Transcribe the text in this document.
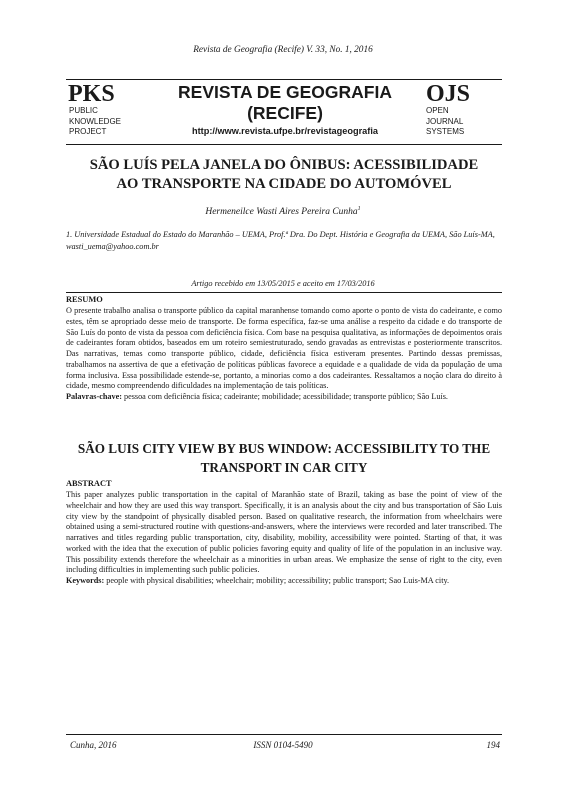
Revista de Geografia (Recife) V. 33, No. 1, 2016
PKS
PUBLIC
KNOWLEDGE
PROJECT
REVISTA DE GEOGRAFIA
(RECIFE)
http://www.revista.ufpe.br/revistageografia
OJS
OPEN
JOURNAL
SYSTEMS
SÃO LUÍS PELA JANELA DO ÔNIBUS: ACESSIBILIDADE
AO TRANSPORTE NA CIDADE DO AUTOMÓVEL
Hermeneilce Wasti Aires Pereira Cunha$^1$
1. Universidade Estadual do Estado do Maranhão – UEMA, Prof.ª Dra. Do Dept. História e Geografia da UEMA, São Luís-MA, wasti_uema@yahoo.com.br
Artigo recebido em 13/05/2015 e aceito em 17/03/2016
RESUMO
O presente trabalho analisa o transporte público da capital maranhense tomando como aporte o ponto de vista do cadeirante, e como estes, têm se apropriado desse meio de transporte. De forma específica, faz-se uma análise a respeito da cidade e do transporte de São Luís do ponto de vista da pessoa com deficiência física. Com base na pesquisa qualitativa, as informações de depoimentos orais de cadeirantes foram obtidos, baseados em um roteiro semiestruturado, sendo gravadas as entrevistas e posteriormente transcritos. Das narrativas, temas como transporte público, cidade, deficiência física estiveram presentes. Partindo dessas premissas, trabalhamos na assertiva de que a efetivação de políticas públicas favorece a equidade e a qualidade de vida da população de uma forma inclusiva. Essa possibilidade estende-se, portanto, a minorias como a dos cadeirantes. Ressaltamos a noção clara do direito à cidade, mesmo compreendendo dificuldades na implementação de tais políticas.
Palavras-chave: pessoa com deficiência física; cadeirante; mobilidade; acessibilidade; transporte público; São Luís.
SÃO LUIS CITY VIEW BY BUS WINDOW: ACCESSIBILITY TO THE
TRANSPORT IN CAR CITY
ABSTRACT
This paper analyzes public transportation in the capital of Maranhão state of Brazil, taking as base the point of view of the wheelchair and how they are used this way transport. Specifically, it is an analysis about the city and bus transportation of São Luis city view by the standpoint of physically disabled person. Based on qualitative research, the information from wheelchairs were obtained using a semi-structured routine with questions-and-answers, where the interviews were recorded and later transcribed. The narratives and titles regarding public transportation, city, disability, mobility, accessibility were pointed. Starting of that, it was worked with the idea that the execution of public policies favoring equity and quality of life of the population in an inclusive way. This possibility extends therefore the wheelchair as a minorities in urban areas. We emphasize the sense of right to the city, even including difficulties in implementing such public policies.
Keywords: people with physical disabilities; wheelchair; mobility; accessibility; public transport; Sao Luis-MA city.
Cunha, 2016	ISSN 0104-5490	194
